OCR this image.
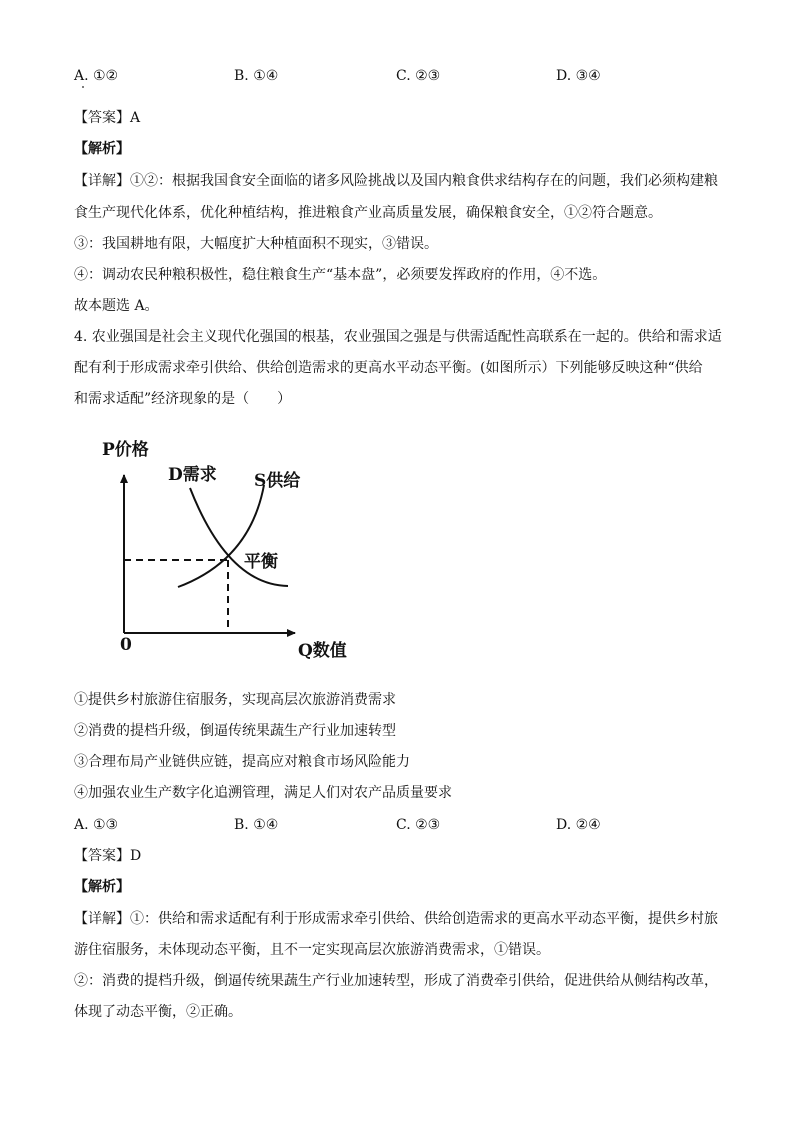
A. ①②	B. ①④	C. ②③	D. ③④
【答案】A
【解析】
【详解】①②：根据我国食安全面临的诸多风险挑战以及国内粮食供求结构存在的问题，我们必须构建粮
食生产现代化体系，优化种植结构，推进粮食产业高质量发展，确保粮食安全，①②符合题意。
③：我国耕地有限，大幅度扩大种植面积不现实，③错误。
④：调动农民种粮积极性，稳住粮食生产“基本盘”，必须要发挥政府的作用，④不选。
故本题选 A。
4. 农业强国是社会主义现代化强国的根基，农业强国之强是与供需适配性高联系在一起的。供给和需求适
配有利于形成需求牵引供给、供给创造需求的更高水平动态平衡。(如图所示）下列能够反映这种“供给
和需求适配”经济现象的是（　　）
P价格
Q数值
0
D需求 S供给
平衡
①提供乡村旅游住宿服务，实现高层次旅游消费需求
②消费的提档升级，倒逼传统果蔬生产行业加速转型
③合理布局产业链供应链，提高应对粮食市场风险能力
④加强农业生产数字化追溯管理，满足人们对农产品质量要求
A. ①③	B. ①④	C. ②③	D. ②④
【答案】D
【解析】
【详解】①：供给和需求适配有利于形成需求牵引供给、供给创造需求的更高水平动态平衡，提供乡村旅
游住宿服务，未体现动态平衡，且不一定实现高层次旅游消费需求，①错误。
②：消费的提档升级，倒逼传统果蔬生产行业加速转型，形成了消费牵引供给，促进供给从侧结构改革，
体现了动态平衡，②正确。
